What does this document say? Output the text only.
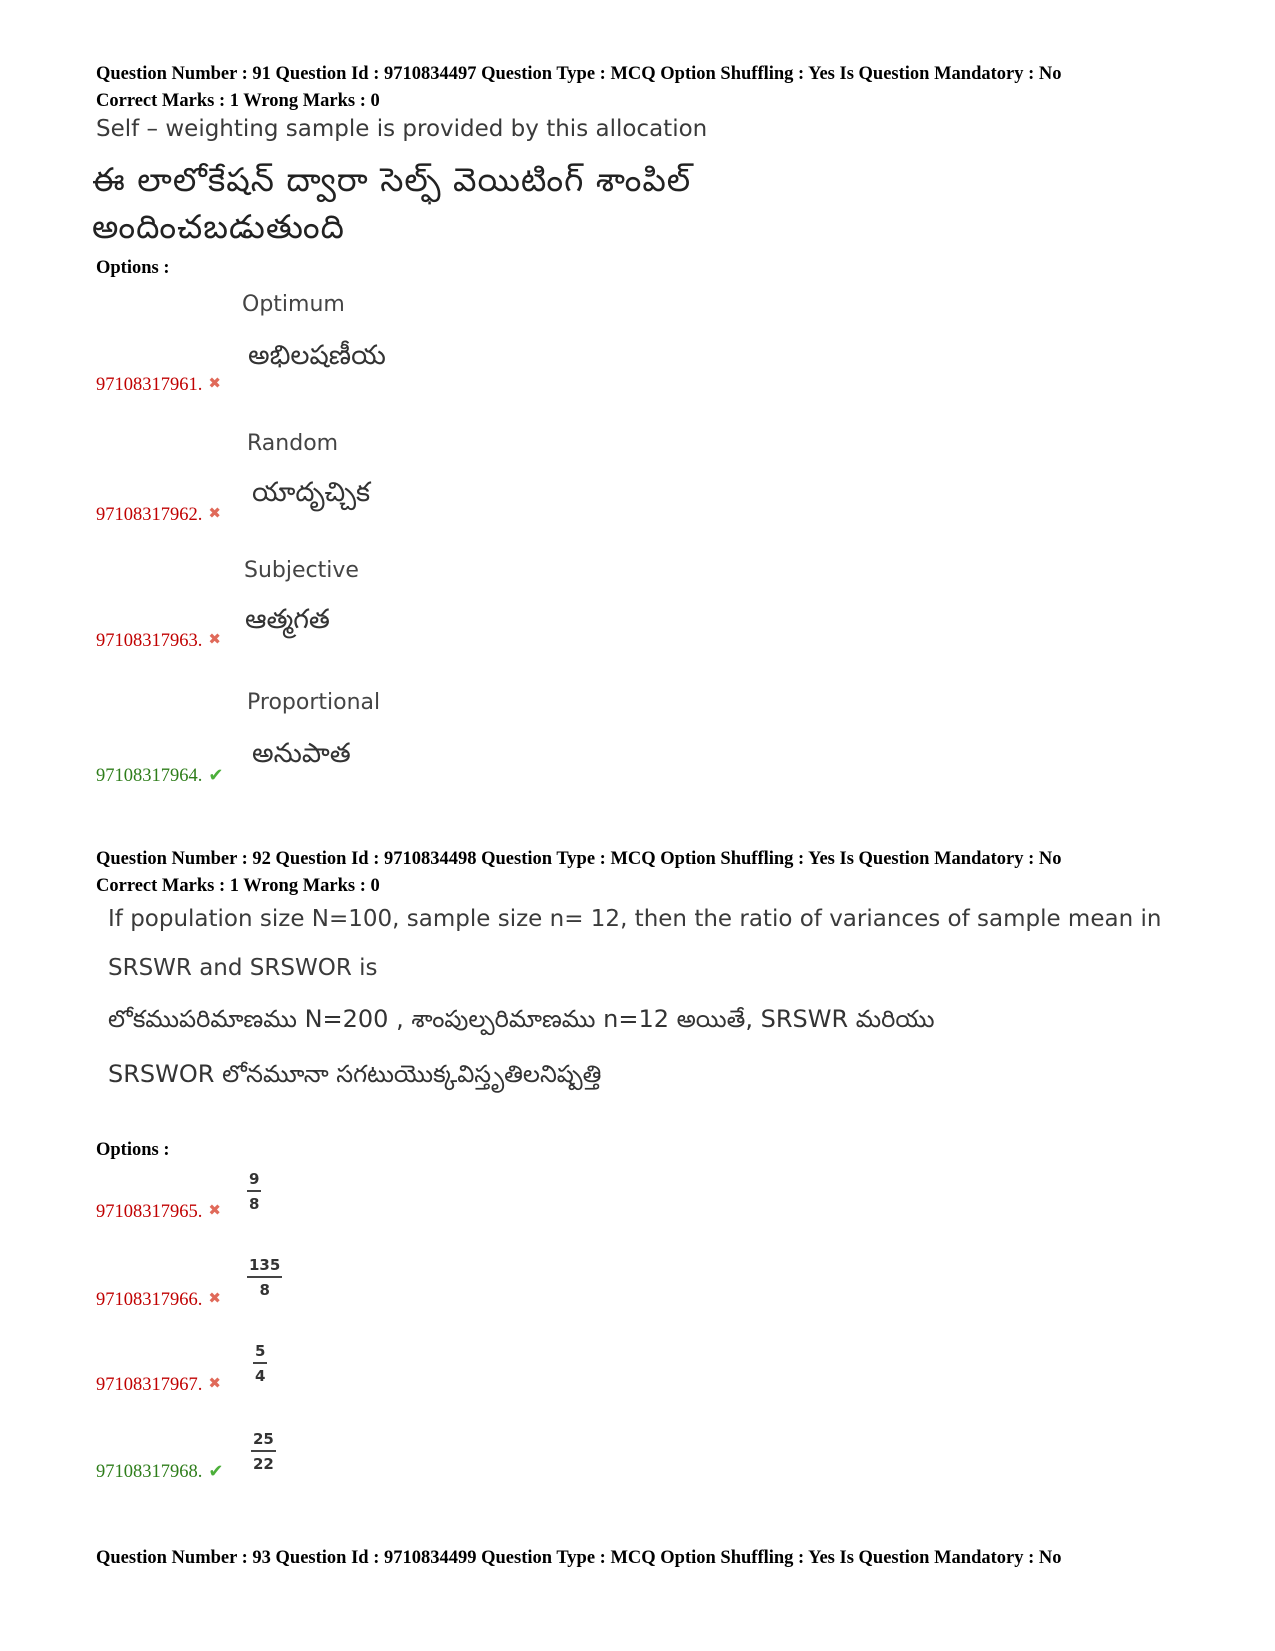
Question Number : 91 Question Id : 9710834497 Question Type : MCQ Option Shuffling : Yes Is Question Mandatory : No
Correct Marks : 1 Wrong Marks : 0
Self – weighting sample is provided by this allocation
ఈ లాలోకేషన్ ద్వారా సెల్ఫ్ వెయిటింగ్ శాంపిల్
అందించబడుతుంది
Options :
Optimum
అభిలషణీయ
97108317961. ✖
Random
యాదృచ్చిక
97108317962. ✖
Subjective
ఆత్మగత
97108317963. ✖
Proportional
అనుపాత
97108317964. ✔
Question Number : 92 Question Id : 9710834498 Question Type : MCQ Option Shuffling : Yes Is Question Mandatory : No
Correct Marks : 1 Wrong Marks : 0
If population size N=100, sample size n= 12, then the ratio of variances of sample mean in
SRSWR and SRSWOR is
లోకముపరిమాణము N=200 , శాంపుల్పరిమాణము n=12 అయితే, SRSWR మరియు
SRSWOR లోనమూనా సగటుయొక్కవిస్తృతిలనిష్పత్తి
Options :
$\frac{9}{8}$
97108317965. ✖
$\frac{135}{8}$
97108317966. ✖
$\frac{5}{4}$
97108317967. ✖
$\frac{25}{22}$
97108317968. ✔
Question Number : 93 Question Id : 9710834499 Question Type : MCQ Option Shuffling : Yes Is Question Mandatory : No
